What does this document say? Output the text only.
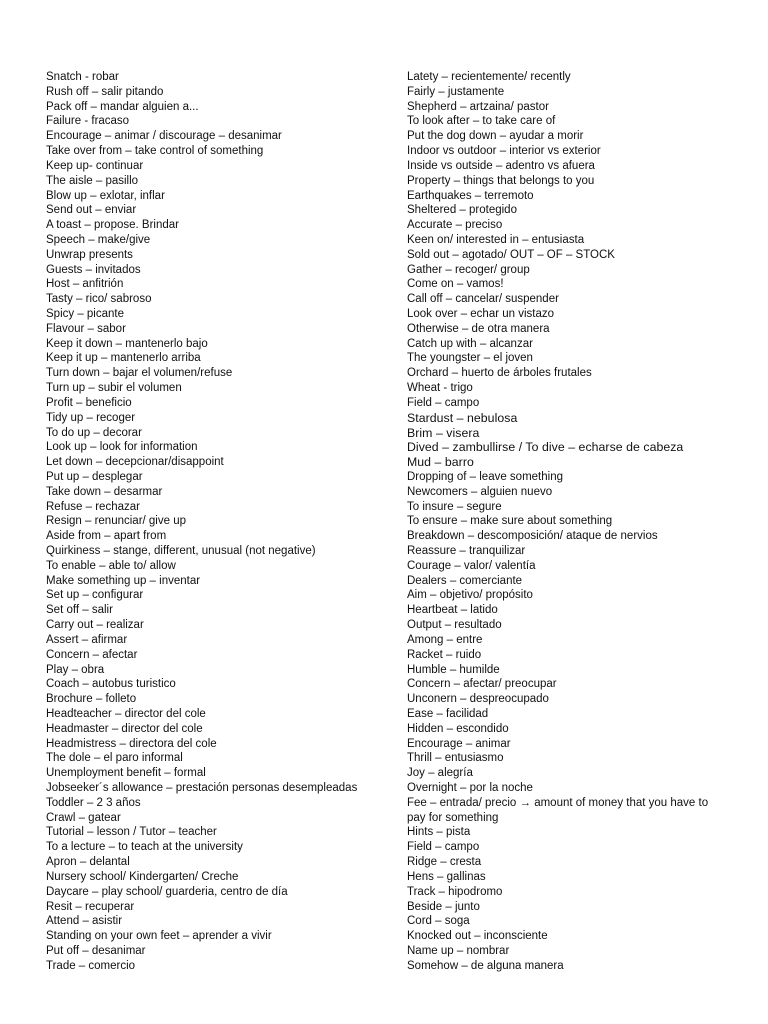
Snatch - robar
Rush off – salir pitando
Pack off – mandar alguien a...
Failure - fracaso
Encourage – animar / discourage – desanimar
Take over from – take control of something
Keep up- continuar
The aisle – pasillo
Blow up – exlotar, inflar
Send out – enviar
A toast – propose. Brindar
Speech – make/give
Unwrap presents
Guests – invitados
Host – anfitrión
Tasty – rico/ sabroso
Spicy – picante
Flavour – sabor
Keep it down – mantenerlo bajo
Keep it up – mantenerlo arriba
Turn down – bajar el volumen/refuse
Turn up – subir el volumen
Profit – beneficio
Tidy up – recoger
To do up – decorar
Look up – look for information
Let down – decepcionar/disappoint
Put up – desplegar
Take down – desarmar
Refuse – rechazar
Resign – renunciar/ give up
Aside from – apart from
Quirkiness – stange, different, unusual (not negative)
To enable – able to/ allow
Make something up – inventar
Set up – configurar
Set off – salir
Carry out – realizar
Assert – afirmar
Concern – afectar
Play – obra
Coach – autobus turistico
Brochure – folleto
Headteacher – director del cole
Headmaster – director del cole
Headmistress – directora del cole
The dole – el paro informal
Unemployment benefit – formal
Jobseeker´s allowance – prestación personas desempleadas
Toddler – 2 3 años
Crawl – gatear
Tutorial – lesson / Tutor – teacher
To a lecture – to teach at the university
Apron – delantal
Nursery school/ Kindergarten/ Creche
Daycare – play school/ guarderia, centro de día
Resit – recuperar
Attend – asistir
Standing on your own feet – aprender a vivir
Put off – desanimar
Trade – comercio
Latety – recientemente/ recently
Fairly – justamente
Shepherd – artzaina/ pastor
To look after – to take care of
Put the dog down – ayudar a morir
Indoor vs outdoor – interior vs exterior
Inside vs outside – adentro vs afuera
Property – things that belongs to you
Earthquakes – terremoto
Sheltered – protegido
Accurate – preciso
Keen on/ interested in – entusiasta
Sold out – agotado/ OUT – OF – STOCK
Gather – recoger/ group
Come on – vamos!
Call off – cancelar/ suspender
Look over – echar un vistazo
Otherwise – de otra manera
Catch up with – alcanzar
The youngster – el joven
Orchard – huerto de árboles frutales
Wheat - trigo
Field – campo
Stardust – nebulosa
Brim – visera
Dived – zambullirse / To dive – echarse de cabeza
Mud – barro
Dropping of – leave something
Newcomers – alguien nuevo
To insure – segure
To ensure – make sure about something
Breakdown – descomposición/ ataque de nervios
Reassure – tranquilizar
Courage – valor/ valentía
Dealers – comerciante
Aim – objetivo/ propósito
Heartbeat – latido
Output – resultado
Among – entre
Racket – ruido
Humble – humilde
Concern – afectar/ preocupar
Unconern – despreocupado
Ease – facilidad
Hidden – escondido
Encourage – animar
Thrill – entusiasmo
Joy – alegría
Overnight – por la noche
Fee – entrada/ precio → amount of money that you have to
pay for something
Hints – pista
Field – campo
Ridge – cresta
Hens – gallinas
Track – hipodromo
Beside – junto
Cord – soga
Knocked out – inconsciente
Name up – nombrar
Somehow – de alguna manera
